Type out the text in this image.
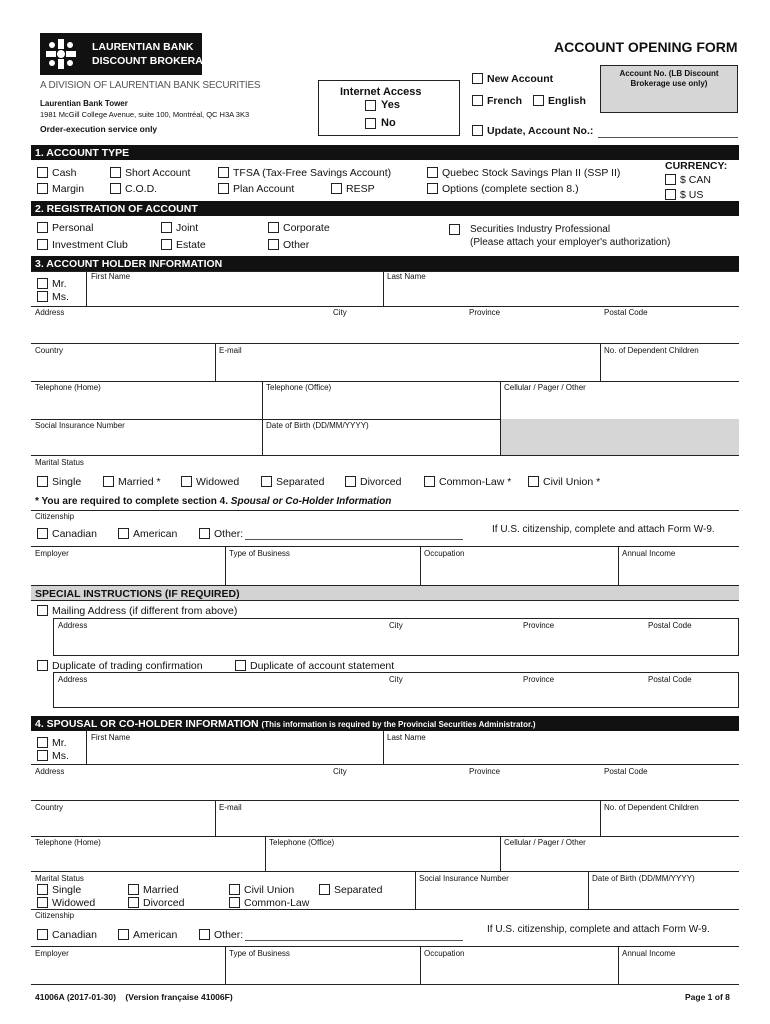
LAURENTIAN BANK
DISCOUNT BROKERAGE
A DIVISION OF LAURENTIAN BANK SECURITIES
Laurentian Bank Tower
1981 McGill College Avenue, suite 100, Montréal, QC H3A 3K3
Order-execution service only
ACCOUNT OPENING FORM
Internet Access
Yes
No
New Account
French English
Update, Account No.:
Account No. (LB Discount Brokerage use only)
1. ACCOUNT TYPE
Cash
Margin
Short Account
C.O.D.
TFSA (Tax-Free Savings Account)
Plan Account	RESP
Quebec Stock Savings Plan II (SSP II)
Options (complete section 8.)
CURRENCY:
$ CAN
$ US
2. REGISTRATION OF ACCOUNT
Personal
Investment Club
Joint
Estate
Corporate
Other
Securities Industry Professional
(Please attach your employer's authorization)
3. ACCOUNT HOLDER INFORMATION
Mr.
Ms.
First Name	Last Name
Address	City	Province	Postal Code
Country	E-mail	No. of Dependent Children
Telephone (Home)	Telephone (Office)	Cellular / Pager / Other
Social Insurance Number	Date of Birth (DD/MM/YYYY)
Marital Status
Single	Married *	Widowed	Separated	Divorced	Common-Law *	Civil Union *
* You are required to complete section 4. Spousal or Co-Holder Information
Citizenship
Canadian	American	Other:	If U.S. citizenship, complete and attach Form W-9.
Employer	Type of Business	Occupation	Annual Income
SPECIAL INSTRUCTIONS (IF REQUIRED)
Mailing Address (if different from above)
Address	City	Province	Postal Code
Duplicate of trading confirmation	Duplicate of account statement
Address	City	Province	Postal Code
4. SPOUSAL OR CO-HOLDER INFORMATION (This information is required by the Provincial Securities Administrator.)
Mr.
Ms.
First Name	Last Name
Address	City	Province	Postal Code
Country	E-mail	No. of Dependent Children
Telephone (Home)	Telephone (Office)	Cellular / Pager / Other
Marital Status
Single
Widowed
Married
Divorced
Civil Union
Common-Law
Separated
Social Insurance Number	Date of Birth (DD/MM/YYYY)
Citizenship
Canadian	American	Other:	If U.S. citizenship, complete and attach Form W-9.
Employer	Type of Business	Occupation	Annual Income
41006A (2017-01-30)    (Version française 41006F)	Page 1 of 8
